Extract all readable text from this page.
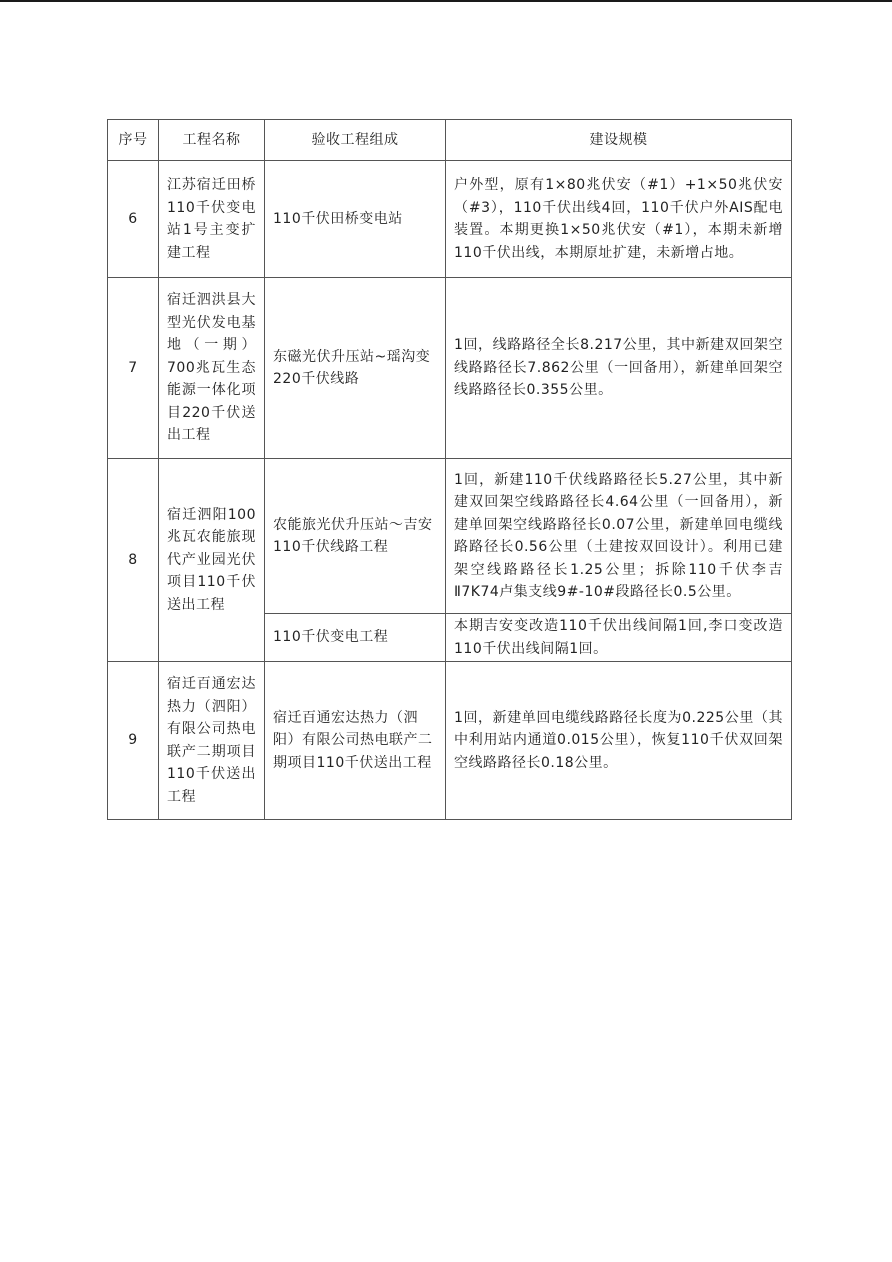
序号	工程名称	验收工程组成	建设规模
6	江苏宿迁田桥110千伏变电站1号主变扩建工程	110千伏田桥变电站	户外型，原有1×80兆伏安（#1）+1×50兆伏安（#3），110千伏出线4回，110千伏户外AIS配电装置。本期更换1×50兆伏安（#1），本期未新增110千伏出线，本期原址扩建，未新增占地。
7	宿迁泗洪县大型光伏发电基地（一期）700兆瓦生态能源一体化项目220千伏送出工程	东磁光伏升压站~瑶沟变220千伏线路	1回，线路路径全长8.217公里，其中新建双回架空线路路径长7.862公里（一回备用），新建单回架空线路路径长0.355公里。
8	宿迁泗阳100兆瓦农能旅现代产业园光伏项目110千伏送出工程	农能旅光伏升压站～吉安110千伏线路工程	1回，新建110千伏线路路径长5.27公里，其中新建双回架空线路路径长4.64公里（一回备用），新建单回架空线路路径长0.07公里，新建单回电缆线路路径长0.56公里（土建按双回设计）。利用已建架空线路路径长1.25公里；拆除110千伏李吉Ⅱ7K74卢集支线9#-10#段路径长0.5公里。
		110千伏变电工程	本期吉安变改造110千伏出线间隔1回,李口变改造110千伏出线间隔1回。
9	宿迁百通宏达热力（泗阳）有限公司热电联产二期项目110千伏送出工程	宿迁百通宏达热力（泗阳）有限公司热电联产二期项目110千伏送出工程	1回，新建单回电缆线路路径长度为0.225公里（其中利用站内通道0.015公里），恢复110千伏双回架空线路路径长0.18公里。
